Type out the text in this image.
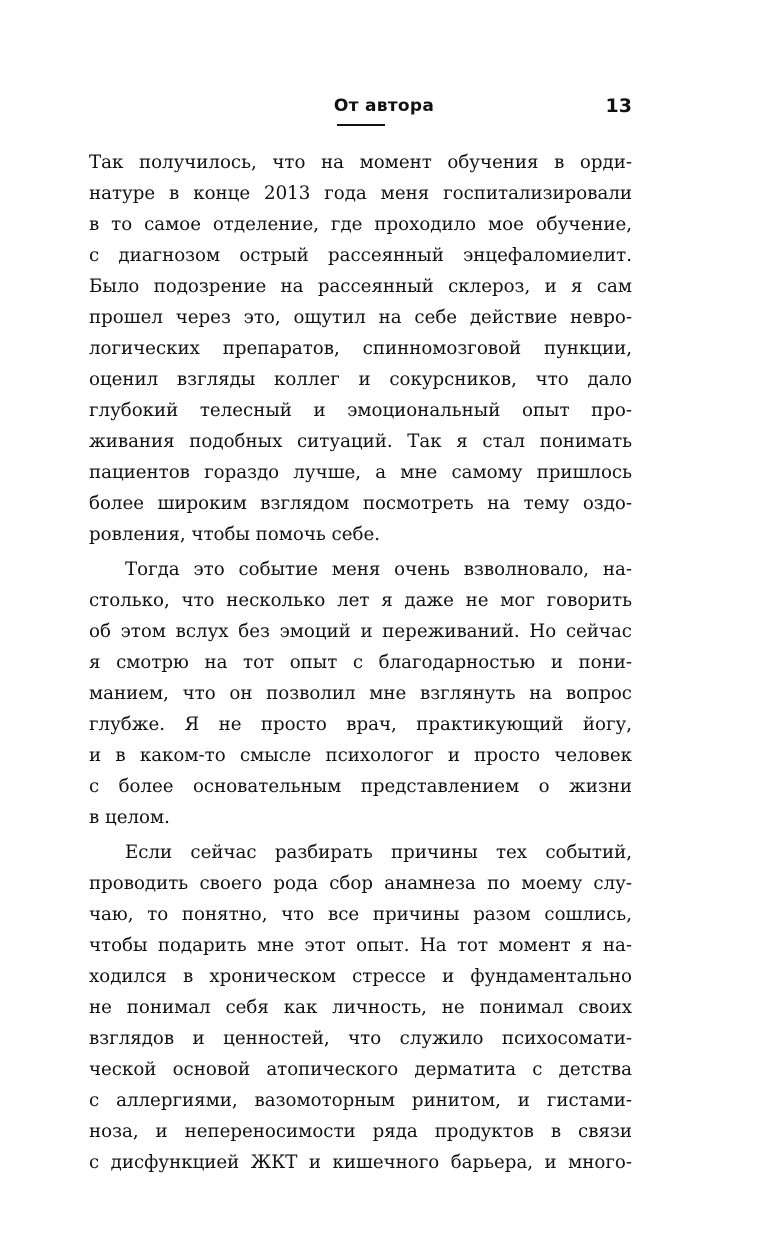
От автора	13
Так получилось, что на момент обучения в орди-
натуре в конце 2013 года меня госпитализировали
в то самое отделение, где проходило мое обучение,
с диагнозом острый рассеянный энцефаломиелит.
Было подозрение на рассеянный склероз, и я сам
прошел через это, ощутил на себе действие невро-
логических препаратов, спинномозговой пункции,
оценил взгляды коллег и сокурсников, что дало
глубокий телесный и эмоциональный опыт про-
живания подобных ситуаций. Так я стал понимать
пациентов гораздо лучше, а мне самому пришлось
более широким взглядом посмотреть на тему оздо-
ровления, чтобы помочь себе.
Тогда это событие меня очень взволновало, на-
столько, что несколько лет я даже не мог говорить
об этом вслух без эмоций и переживаний. Но сейчас
я смотрю на тот опыт с благодарностью и пони-
манием, что он позволил мне взглянуть на вопрос
глубже. Я не просто врач, практикующий йогу,
и в каком-то смысле психологог и просто человек
с более основательным представлением о жизни
в целом.
Если сейчас разбирать причины тех событий,
проводить своего рода сбор анамнеза по моему слу-
чаю, то понятно, что все причины разом сошлись,
чтобы подарить мне этот опыт. На тот момент я на-
ходился в хроническом стрессе и фундаментально
не понимал себя как личность, не понимал своих
взглядов и ценностей, что служило психосомати-
ческой основой атопического дерматита с детства
с аллергиями, вазомоторным ринитом, и гистами-
ноза, и непереносимости ряда продуктов в связи
с дисфункцией ЖКТ и кишечного барьера, и много-
